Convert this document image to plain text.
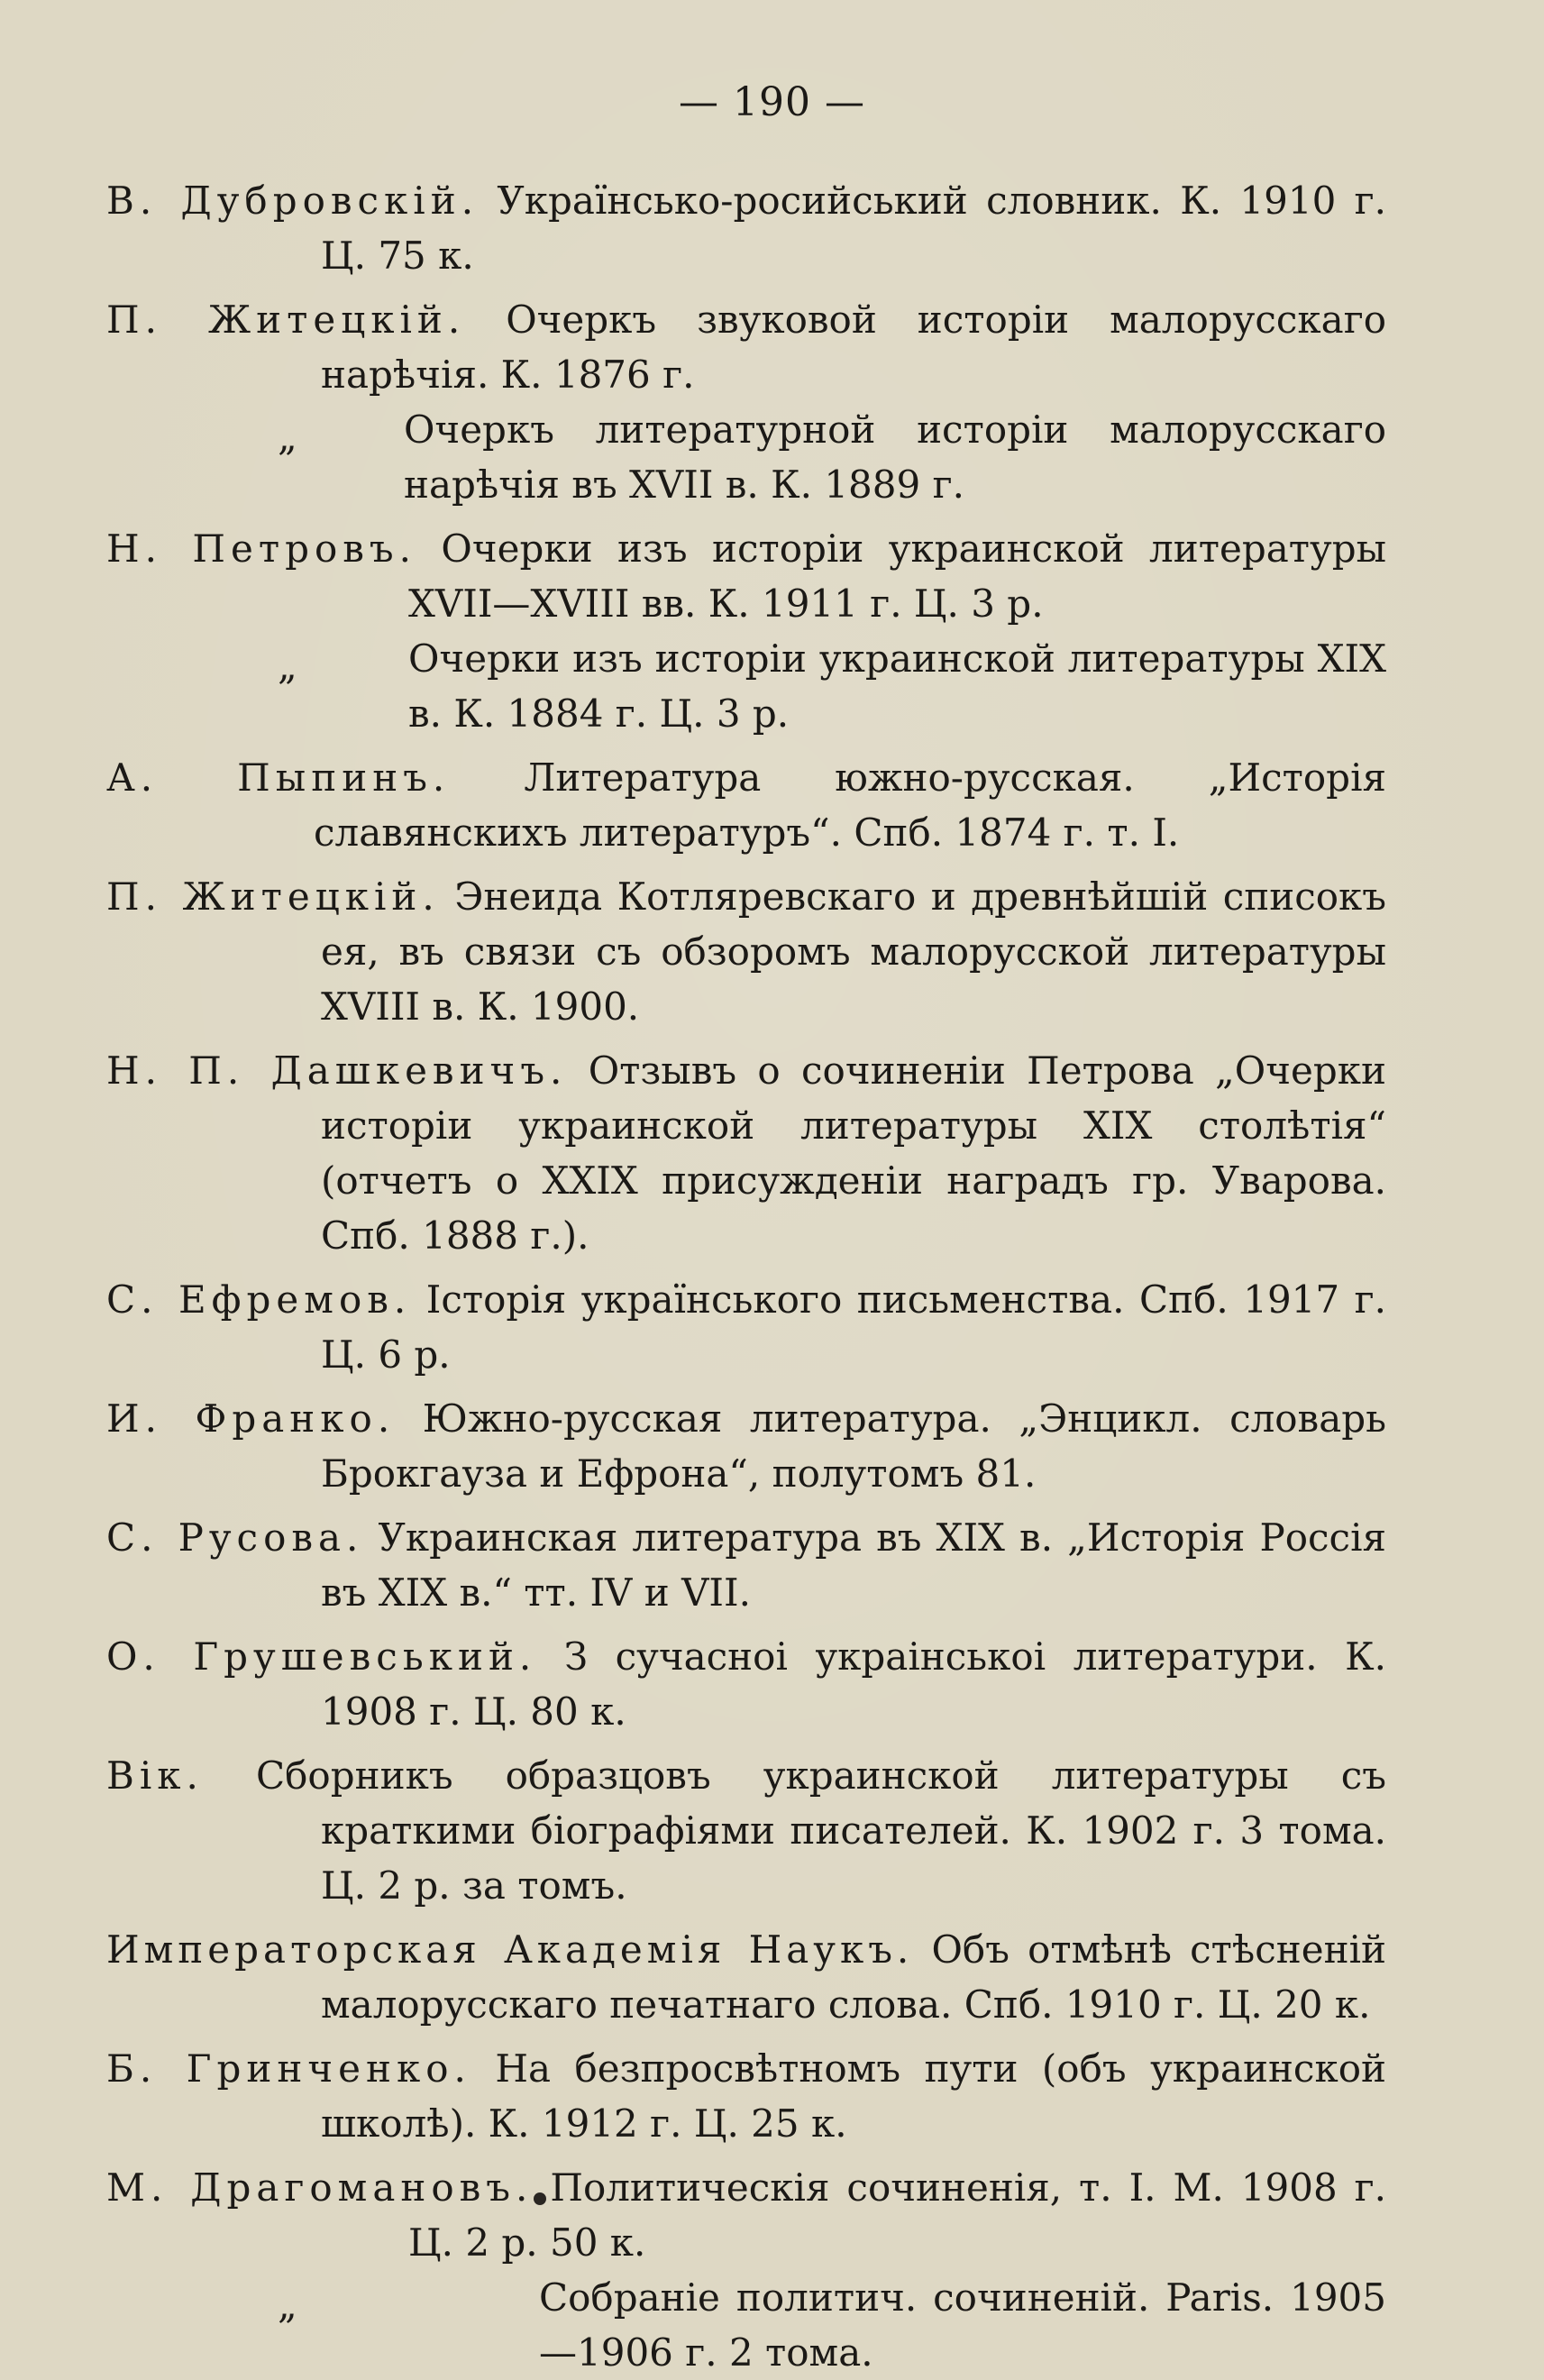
— 190 —
В. Дубровскій. Українсько-росийський словник. К. 1910 г. Ц. 75 к.
П. Житецкій. Очеркъ звуковой исторіи малорусскаго нарѣчія. К. 1876 г.
„	Очеркъ литературной исторіи малорусскаго нарѣчія въ XVII в. К. 1889 г.
Н. Петровъ. Очерки изъ исторіи украинской литературы XVII—XVIII вв. К. 1911 г. Ц. 3 р.
„	Очерки изъ исторіи украинской литературы XIX в. К. 1884 г. Ц. 3 р.
А. Пыпинъ. Литература южно-русская. „Исторія славянскихъ литературъ“. Спб. 1874 г. т. I.
П. Житецкій. Энеида Котляревскаго и древнѣйшій списокъ ея, въ связи съ обзоромъ малорусской литературы XVIII в. К. 1900.
Н. П. Дашкевичъ. Отзывъ о сочиненіи Петрова „Очерки исторіи украинской литературы XIX столѣтія“ (отчетъ о XXIX присужденіи наградъ гр. Уварова. Спб. 1888 г.).
С. Ефремов. Історія українського письменства. Спб. 1917 г. Ц. 6 р.
И. Франко. Южно-русская литература. „Энцикл. словарь Брокгауза и Ефрона“, полутомъ 81.
С. Русова. Украинская литература въ XIX в. „Исторія Россія въ XIX в.“ тт. IV и VII.
О. Грушевський. З сучасноі украінськоі литератури. К. 1908 г. Ц. 80 к.
Вік. Сборникъ образцовъ украинской литературы съ краткими біографіями писателей. К. 1902 г. 3 тома. Ц. 2 р. за томъ.
Императорская Академія Наукъ. Объ отмѣнѣ стѣсненій малорусскаго печатнаго слова. Спб. 1910 г. Ц. 20 к.
Б. Гринченко. На безпросвѣтномъ пути (объ украинской школѣ). К. 1912 г. Ц. 25 к.
М. Драгомановъ. Политическія сочиненія, т. I. М. 1908 г. Ц. 2 р. 50 к.
„	Собраніе политич. сочиненій. Paris. 1905—1906 г. 2 тома.
